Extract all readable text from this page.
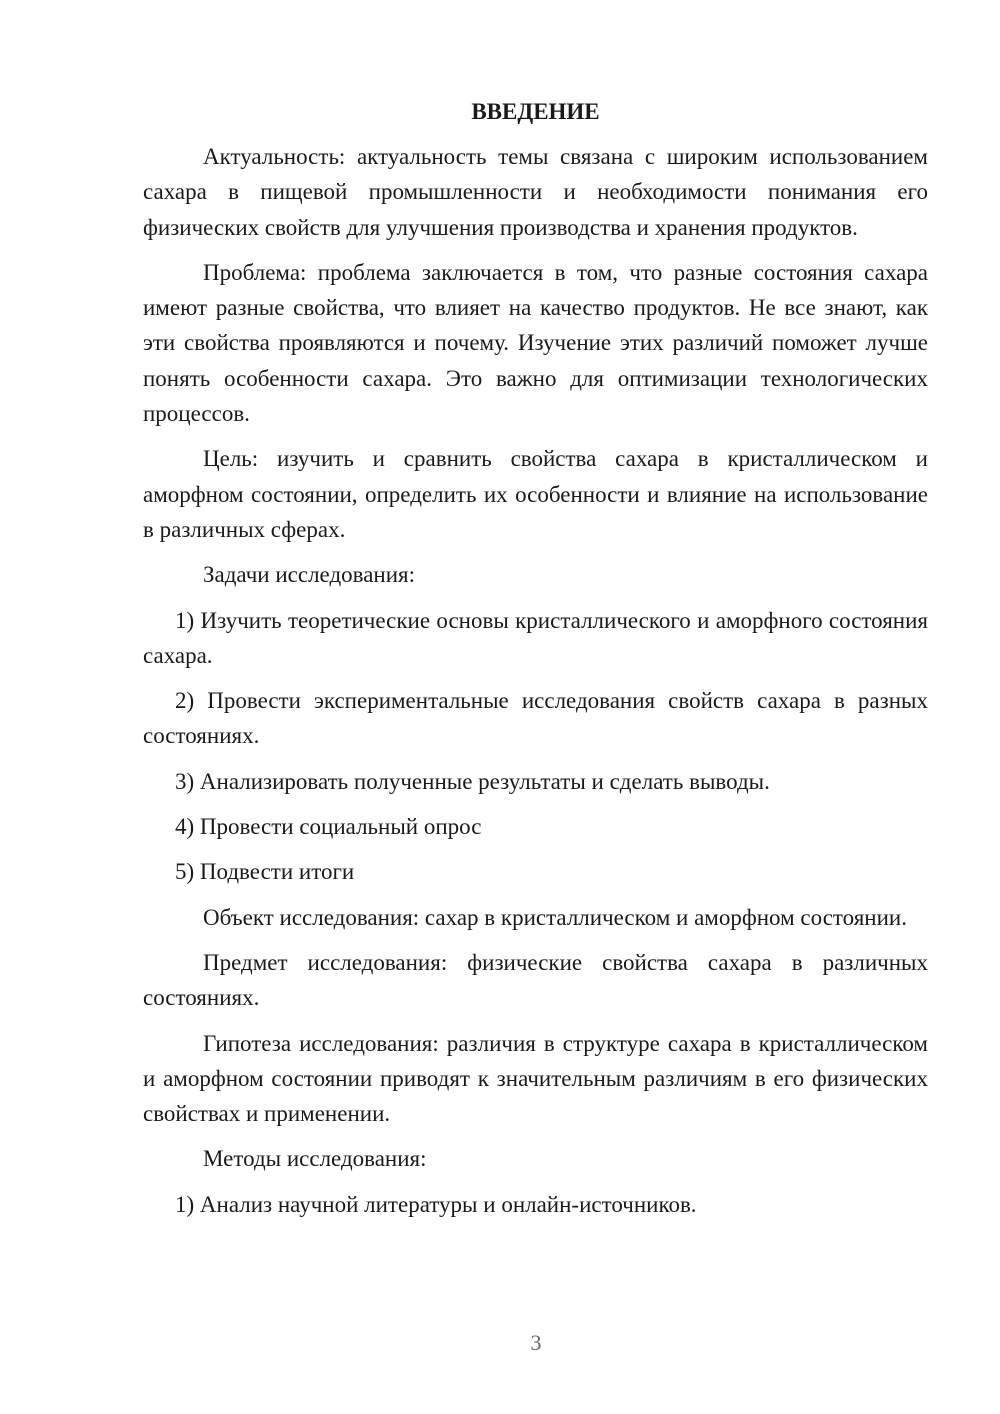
ВВЕДЕНИЕ

Актуальность: актуальность темы связана с широким использованием сахара в пищевой промышленности и необходимости понимания его физических свойств для улучшения производства и хранения продуктов.

Проблема: проблема заключается в том, что разные состояния сахара имеют разные свойства, что влияет на качество продуктов. Не все знают, как эти свойства проявляются и почему. Изучение этих различий поможет лучше понять особенности сахара. Это важно для оптимизации технологических процессов.

Цель: изучить и сравнить свойства сахара в кристаллическом и аморфном состоянии, определить их особенности и влияние на использование в различных сферах.

Задачи исследования:

1) Изучить теоретические основы кристаллического и аморфного состояния сахара.

2) Провести экспериментальные исследования свойств сахара в разных состояниях.

3) Анализировать полученные результаты и сделать выводы.

4) Провести социальный опрос

5) Подвести итоги

Объект исследования: сахар в кристаллическом и аморфном состоянии.

Предмет исследования: физические свойства сахара в различных состояниях.

Гипотеза исследования: различия в структуре сахара в кристаллическом и аморфном состоянии приводят к значительным различиям в его физических свойствах и применении.

Методы исследования:

1) Анализ научной литературы и онлайн-источников.

3
